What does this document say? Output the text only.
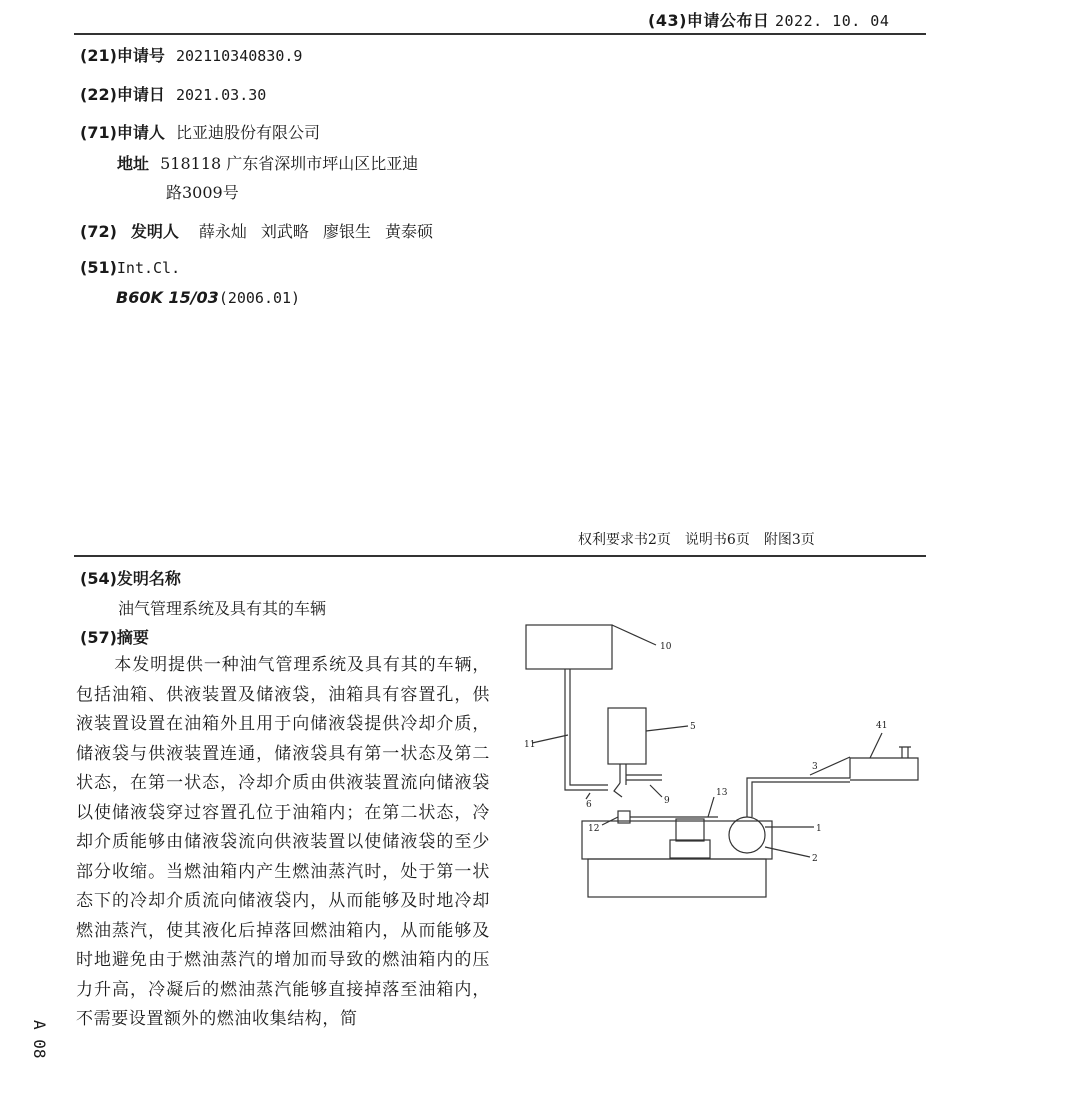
(43)申请公布日 2022. 10. 04
(21)申请号 202110340830.9
(22)申请日 2021.03.30
(71)申请人 比亚迪股份有限公司
地址 518118 广东省深圳市坪山区比亚迪
路3009号
(72) 发明人 薛永灿 刘武略 廖银生 黄泰硕
(51)Int.Cl.
B60K 15/03(2006.01)
权利要求书2页 说明书6页 附图3页
(54)发明名称
油气管理系统及具有其的车辆
(57)摘要
本发明提供一种油气管理系统及具有其的车辆，包括油箱、供液装置及储液袋，油箱具有容置孔，供液装置设置在油箱外且用于向储液袋提供冷却介质，储液袋与供液装置连通，储液袋具有第一状态及第二状态，在第一状态，冷却介质由供液装置流向储液袋以使储液袋穿过容置孔位于油箱内；在第二状态，冷却介质能够由储液袋流向供液装置以使储液袋的至少部分收缩。当燃油箱内产生燃油蒸汽时，处于第一状态下的冷却介质流向储液袋内，从而能够及时地冷却燃油蒸汽，使其液化后掉落回燃油箱内，从而能够及时地避免由于燃油蒸汽的增加而导致的燃油箱内的压力升高，冷凝后的燃油蒸汽能够直接掉落至油箱内，不需要设置额外的燃油收集结构，简
A 08
10
5
11
41
3
9
13
12	1
2
6
